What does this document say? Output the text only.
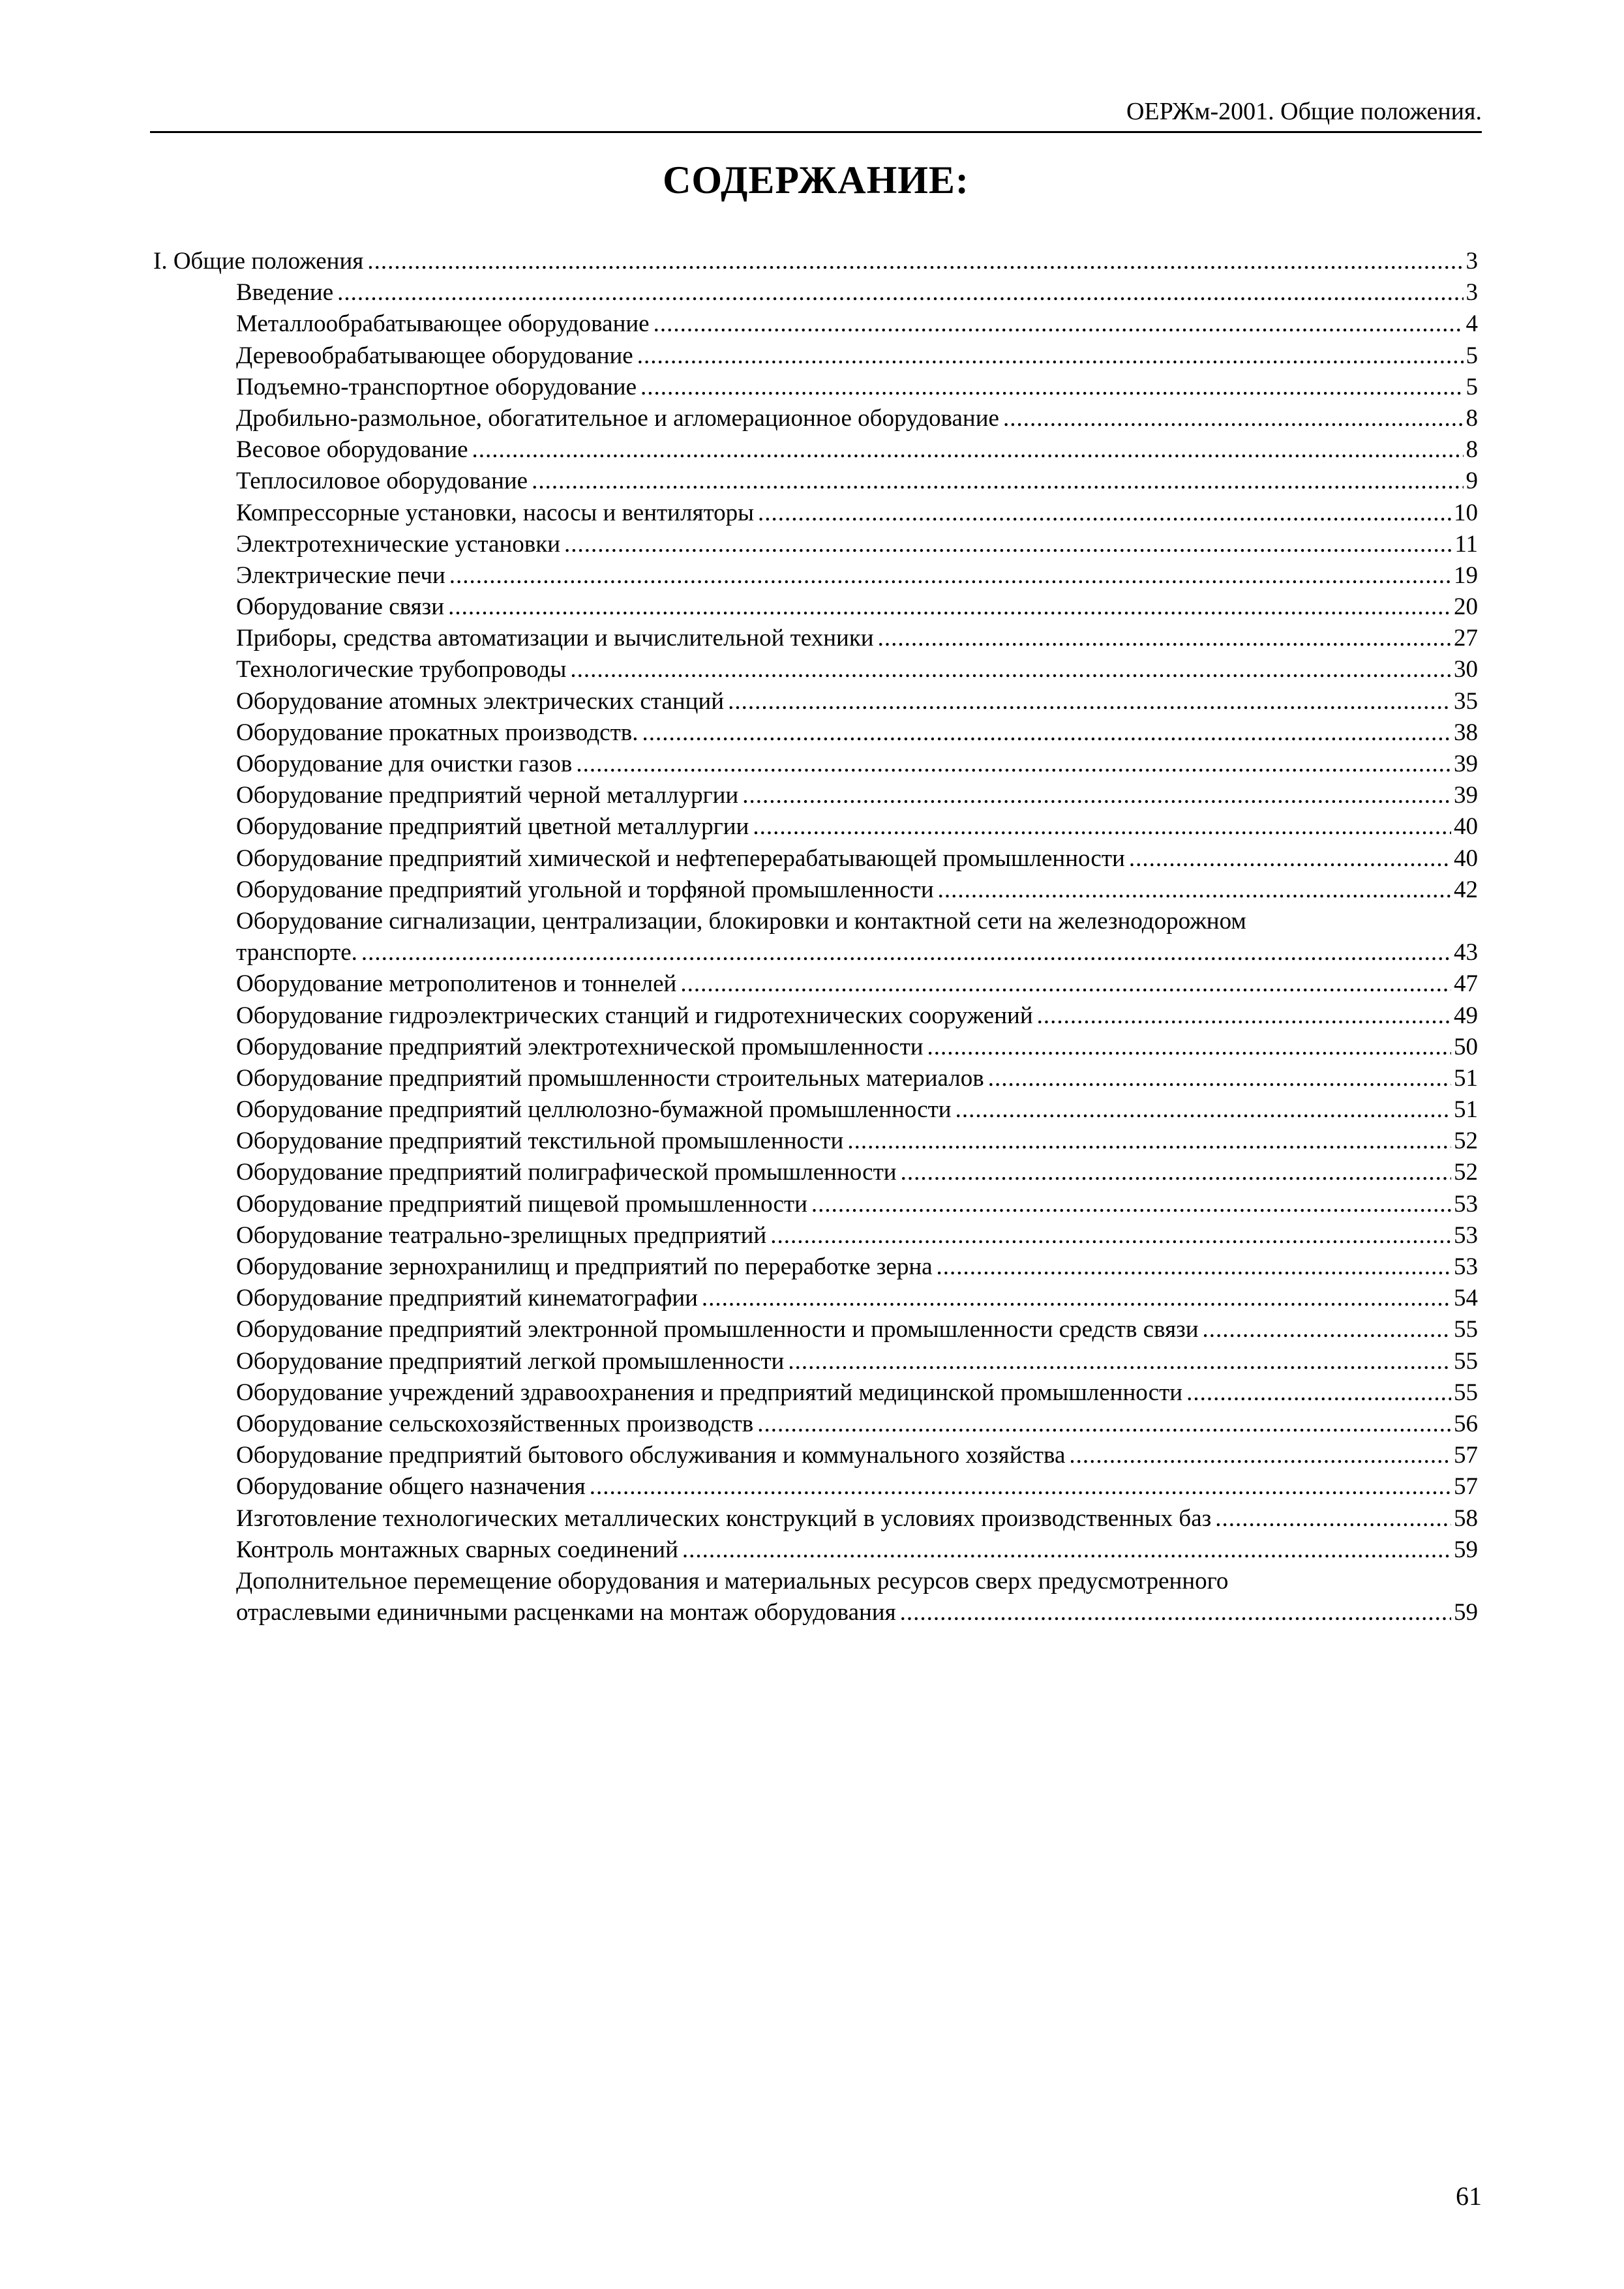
ОЕРЖм-2001. Общие положения.
СОДЕРЖАНИЕ:
I. Общие положения .....	3
Введение .....	3
Металлообрабатывающее оборудование .....	4
Деревообрабатывающее оборудование .....	5
Подъемно-транспортное оборудование .....	5
Дробильно-размольное, обогатительное и агломерационное оборудование .....	8
Весовое оборудование .....	8
Теплосиловое оборудование .....	9
Компрессорные установки, насосы и вентиляторы .....	10
Электротехнические установки .....	11
Электрические печи .....	19
Оборудование связи .....	20
Приборы, средства автоматизации и вычислительной техники .....	27
Технологические трубопроводы .....	30
Оборудование атомных электрических станций .....	35
Оборудование прокатных производств. .....	38
Оборудование для очистки газов .....	39
Оборудование предприятий черной металлургии .....	39
Оборудование предприятий цветной металлургии .....	40
Оборудование предприятий химической и нефтеперерабатывающей промышленности .....	40
Оборудование предприятий угольной и торфяной промышленности .....	42
Оборудование сигнализации, централизации, блокировки и контактной сети на железнодорожном
транспорте. .....	43
Оборудование метрополитенов и тоннелей .....	47
Оборудование гидроэлектрических станций и гидротехнических сооружений .....	49
Оборудование предприятий электротехнической промышленности .....	50
Оборудование предприятий промышленности строительных материалов .....	51
Оборудование предприятий целлюлозно-бумажной промышленности .....	51
Оборудование предприятий текстильной промышленности .....	52
Оборудование предприятий полиграфической промышленности .....	52
Оборудование предприятий пищевой промышленности .....	53
Оборудование театрально-зрелищных предприятий .....	53
Оборудование зернохранилищ и предприятий по переработке зерна .....	53
Оборудование предприятий кинематографии .....	54
Оборудование предприятий электронной промышленности и промышленности средств связи .....	55
Оборудование предприятий легкой промышленности .....	55
Оборудование учреждений здравоохранения и предприятий медицинской промышленности .....	55
Оборудование сельскохозяйственных производств .....	56
Оборудование предприятий бытового обслуживания и коммунального хозяйства .....	57
Оборудование общего назначения .....	57
Изготовление технологических металлических конструкций в условиях производственных баз .....	58
Контроль монтажных сварных соединений .....	59
Дополнительное перемещение оборудования и материальных ресурсов сверх предусмотренного
отраслевыми единичными расценками на монтаж оборудования .....	59
61
